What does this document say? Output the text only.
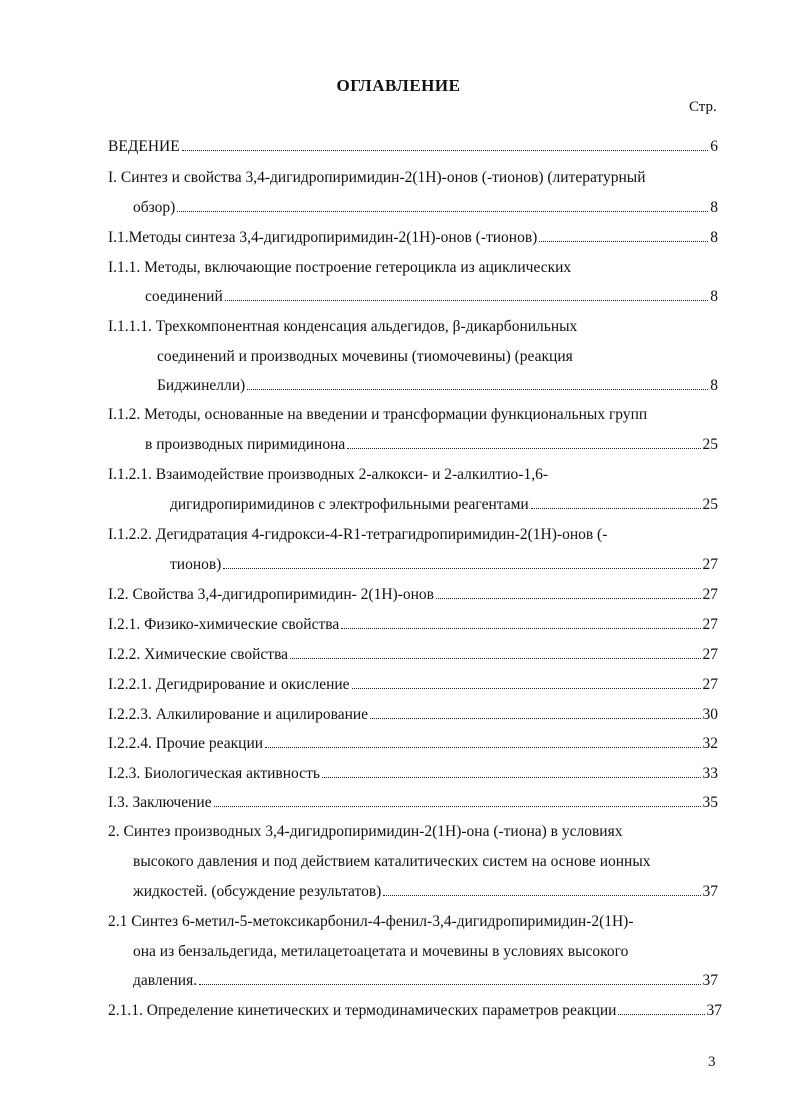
ОГЛАВЛЕНИЕ
Стр.
ВЕДЕНИЕ	6
I. Синтез и свойства 3,4-дигидропиримидин-2(1H)-онов (-тионов) (литературный
обзор)	8
I.1.Методы синтеза 3,4-дигидропиримидин-2(1H)-онов (-тионов)	8
I.1.1. Методы, включающие построение гетероцикла из ациклических
соединений	8
I.1.1.1. Трехкомпонентная конденсация альдегидов, β-дикарбонильных
соединений и производных мочевины (тиомочевины) (реакция
Биджинелли)	8
I.1.2. Методы, основанные на введении и трансформации функциональных групп
в производных пиримидинона	25
I.1.2.1. Взаимодействие производных 2-алкокси- и 2-алкилтио-1,6-
дигидропиримидинов с электрофильными реагентами	25
I.1.2.2. Дегидратация 4-гидрокси-4-R1-тетрагидропиримидин-2(1H)-онов (-
тионов)	27
I.2. Свойства 3,4-дигидропиримидин- 2(1H)-онов	27
I.2.1. Физико-химические свойства	27
I.2.2. Химические свойства	27
I.2.2.1. Дегидрирование и окисление	27
I.2.2.3. Алкилирование и ацилирование	30
I.2.2.4. Прочие реакции	32
I.2.3. Биологическая активность	33
I.3. Заключение	35
2. Синтез производных 3,4-дигидропиримидин-2(1H)-она (-тиона) в условиях
высокого давления и под действием каталитических систем на основе ионных
жидкостей. (обсуждение результатов)	37
2.1 Синтез 6-метил-5-метоксикарбонил-4-фенил-3,4-дигидропиримидин-2(1H)-
она из бензальдегида, метилацетоацетата и мочевины в условиях высокого
давления.	37
2.1.1. Определение кинетических и термодинамических параметров реакции	37
3
